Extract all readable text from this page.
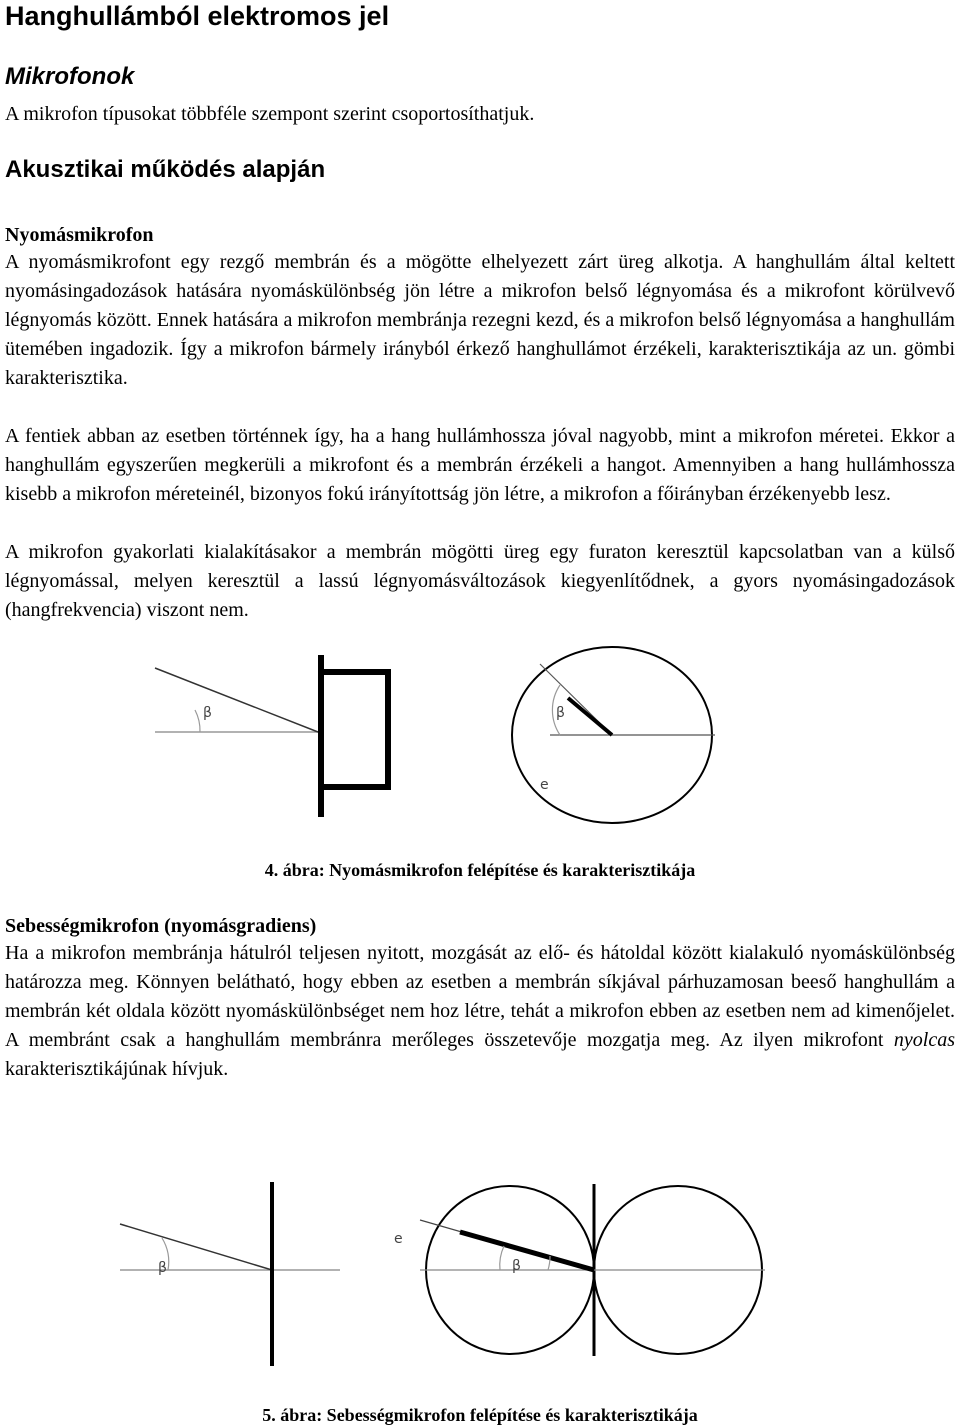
Hanghullámból elektromos jel
Mikrofonok

A mikrofon típusokat többféle szempont szerint csoportosíthatjuk.

Akusztikai működés alapján
Nyomásmikrofon

A nyomásmikrofont egy rezgő membrán és a mögötte elhelyezett zárt üreg alkotja. A hanghullám által keltett nyomásingadozások hatására nyomáskülönbség jön létre a mikrofon belső légnyomása és a mikrofont körülvevő légnyomás között. Ennek hatására a mikrofon membránja rezegni kezd, és a mikrofon belső légnyomása a hanghullám ütemében ingadozik. Így a mikrofon bármely irányból érkező hanghullámot érzékeli, karakterisztikája az un. gömbi karakterisztika.

A fentiek abban az esetben történnek így, ha a hang hullámhossza jóval nagyobb, mint a mikrofon méretei. Ekkor a hanghullám egyszerűen megkerüli a mikrofont és a membrán érzékeli a hangot. Amennyiben a hang hullámhossza kisebb a mikrofon méreteinél, bizonyos fokú irányítottság jön létre, a mikrofon a főirányban érzékenyebb lesz.

A mikrofon gyakorlati kialakításakor a membrán mögötti üreg egy furaton keresztül kapcsolatban van a külső légnyomással, melyen keresztül a lassú légnyomásváltozások kiegyenlítődnek, a gyors nyomásingadozások (hangfrekvencia) viszont nem.

β	β
e

4. ábra: Nyomásmikrofon felépítése és karakterisztikája

Sebességmikrofon (nyomásgradiens)

Ha a mikrofon membránja hátulról teljesen nyitott, mozgását az elő- és hátoldal között kialakuló nyomáskülönbség határozza meg. Könnyen belátható, hogy ebben az esetben a membrán síkjával párhuzamosan beeső hanghullám a membrán két oldala között nyomáskülönbséget nem hoz létre, tehát a mikrofon ebben az esetben nem ad kimenőjelet. A membránt csak a hanghullám membránra merőleges összetevője mozgatja meg. Az ilyen mikrofont nyolcas karakterisztikájúnak hívjuk.

β
e
β

5. ábra: Sebességmikrofon felépítése és karakterisztikája
